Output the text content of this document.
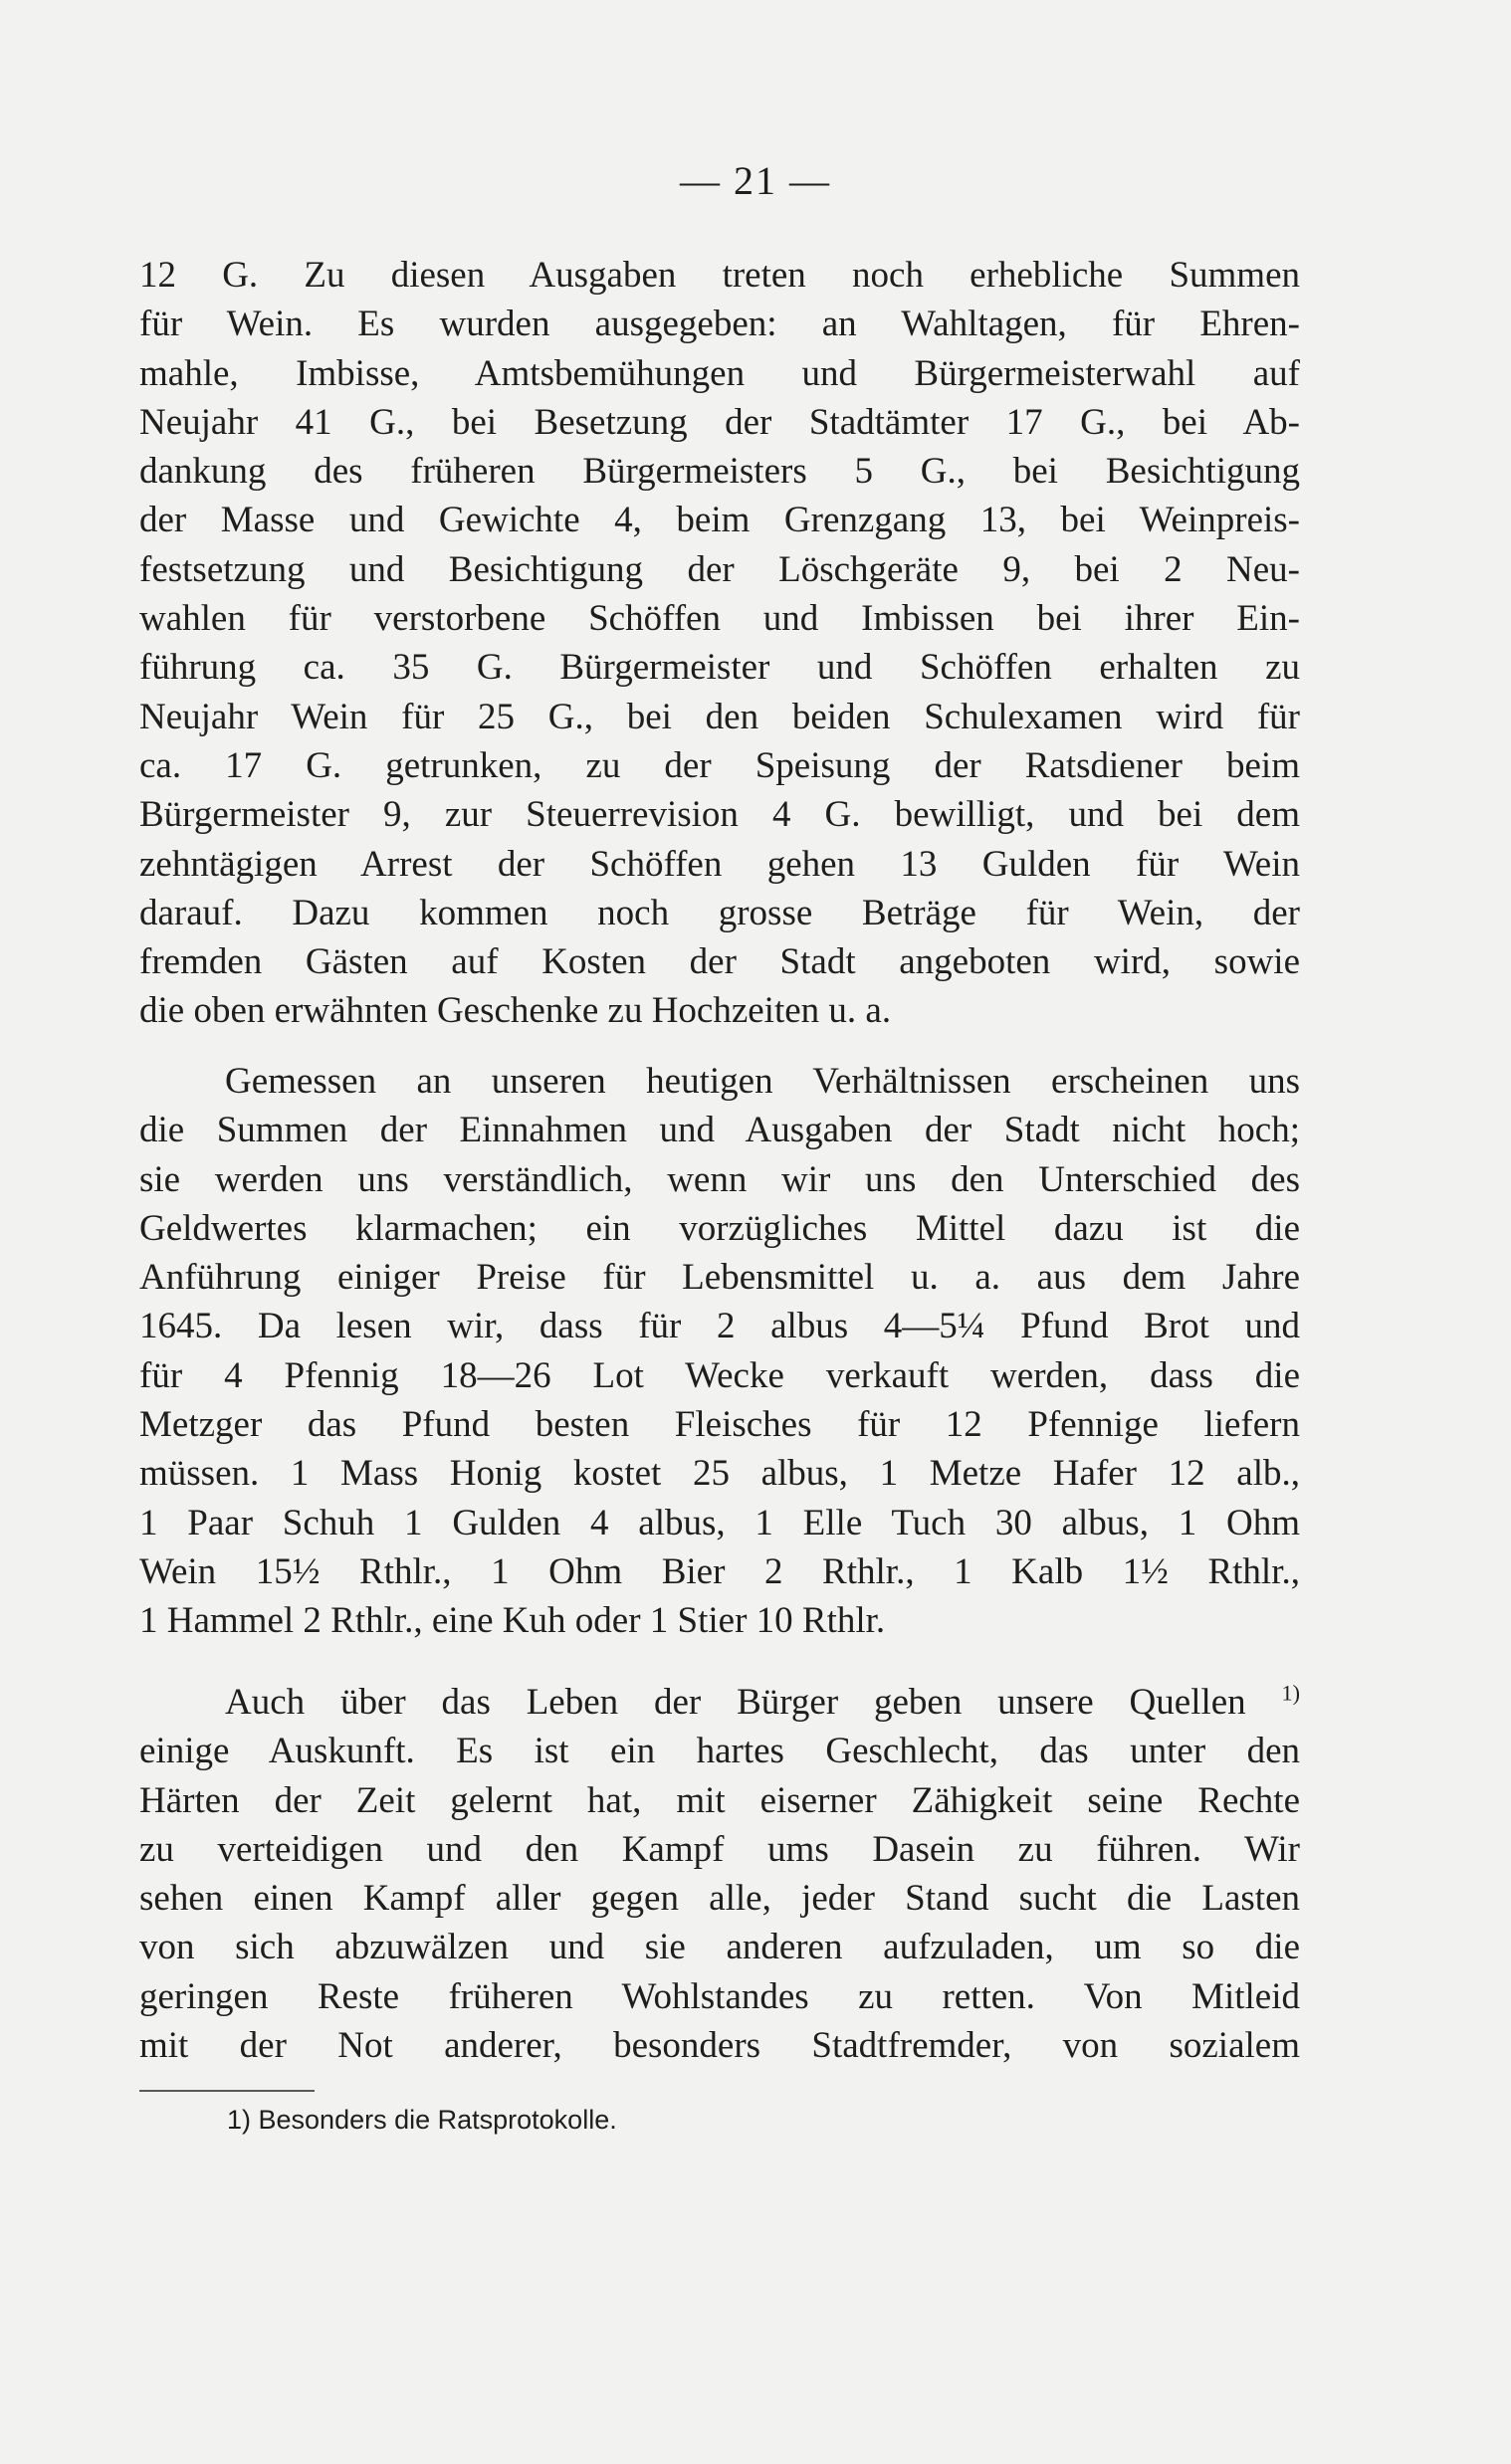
— 21 —
12 G. Zu diesen Ausgaben treten noch erhebliche Summen
für Wein. Es wurden ausgegeben: an Wahltagen, für Ehren-
mahle, Imbisse, Amtsbemühungen und Bürgermeisterwahl auf
Neujahr 41 G., bei Besetzung der Stadtämter 17 G., bei Ab-
dankung des früheren Bürgermeisters 5 G., bei Besichtigung
der Masse und Gewichte 4, beim Grenzgang 13, bei Weinpreis-
festsetzung und Besichtigung der Löschgeräte 9, bei 2 Neu-
wahlen für verstorbene Schöffen und Imbissen bei ihrer Ein-
führung ca. 35 G. Bürgermeister und Schöffen erhalten zu
Neujahr Wein für 25 G., bei den beiden Schulexamen wird für
ca. 17 G. getrunken, zu der Speisung der Ratsdiener beim
Bürgermeister 9, zur Steuerrevision 4 G. bewilligt, und bei dem
zehntägigen Arrest der Schöffen gehen 13 Gulden für Wein
darauf. Dazu kommen noch grosse Beträge für Wein, der
fremden Gästen auf Kosten der Stadt angeboten wird, sowie
die oben erwähnten Geschenke zu Hochzeiten u. a.
Gemessen an unseren heutigen Verhältnissen erscheinen uns
die Summen der Einnahmen und Ausgaben der Stadt nicht hoch;
sie werden uns verständlich, wenn wir uns den Unterschied des
Geldwertes klarmachen; ein vorzügliches Mittel dazu ist die
Anführung einiger Preise für Lebensmittel u. a. aus dem Jahre
1645. Da lesen wir, dass für 2 albus 4—5¼ Pfund Brot und
für 4 Pfennig 18—26 Lot Wecke verkauft werden, dass die
Metzger das Pfund besten Fleisches für 12 Pfennige liefern
müssen. 1 Mass Honig kostet 25 albus, 1 Metze Hafer 12 alb.,
1 Paar Schuh 1 Gulden 4 albus, 1 Elle Tuch 30 albus, 1 Ohm
Wein 15½ Rthlr., 1 Ohm Bier 2 Rthlr., 1 Kalb 1½ Rthlr.,
1 Hammel 2 Rthlr., eine Kuh oder 1 Stier 10 Rthlr.
Auch über das Leben der Bürger geben unsere Quellen $^{1)}$
einige Auskunft. Es ist ein hartes Geschlecht, das unter den
Härten der Zeit gelernt hat, mit eiserner Zähigkeit seine Rechte
zu verteidigen und den Kampf ums Dasein zu führen. Wir
sehen einen Kampf aller gegen alle, jeder Stand sucht die Lasten
von sich abzuwälzen und sie anderen aufzuladen, um so die
geringen Reste früheren Wohlstandes zu retten. Von Mitleid
mit der Not anderer, besonders Stadtfremder, von sozialem
1) Besonders die Ratsprotokolle.
